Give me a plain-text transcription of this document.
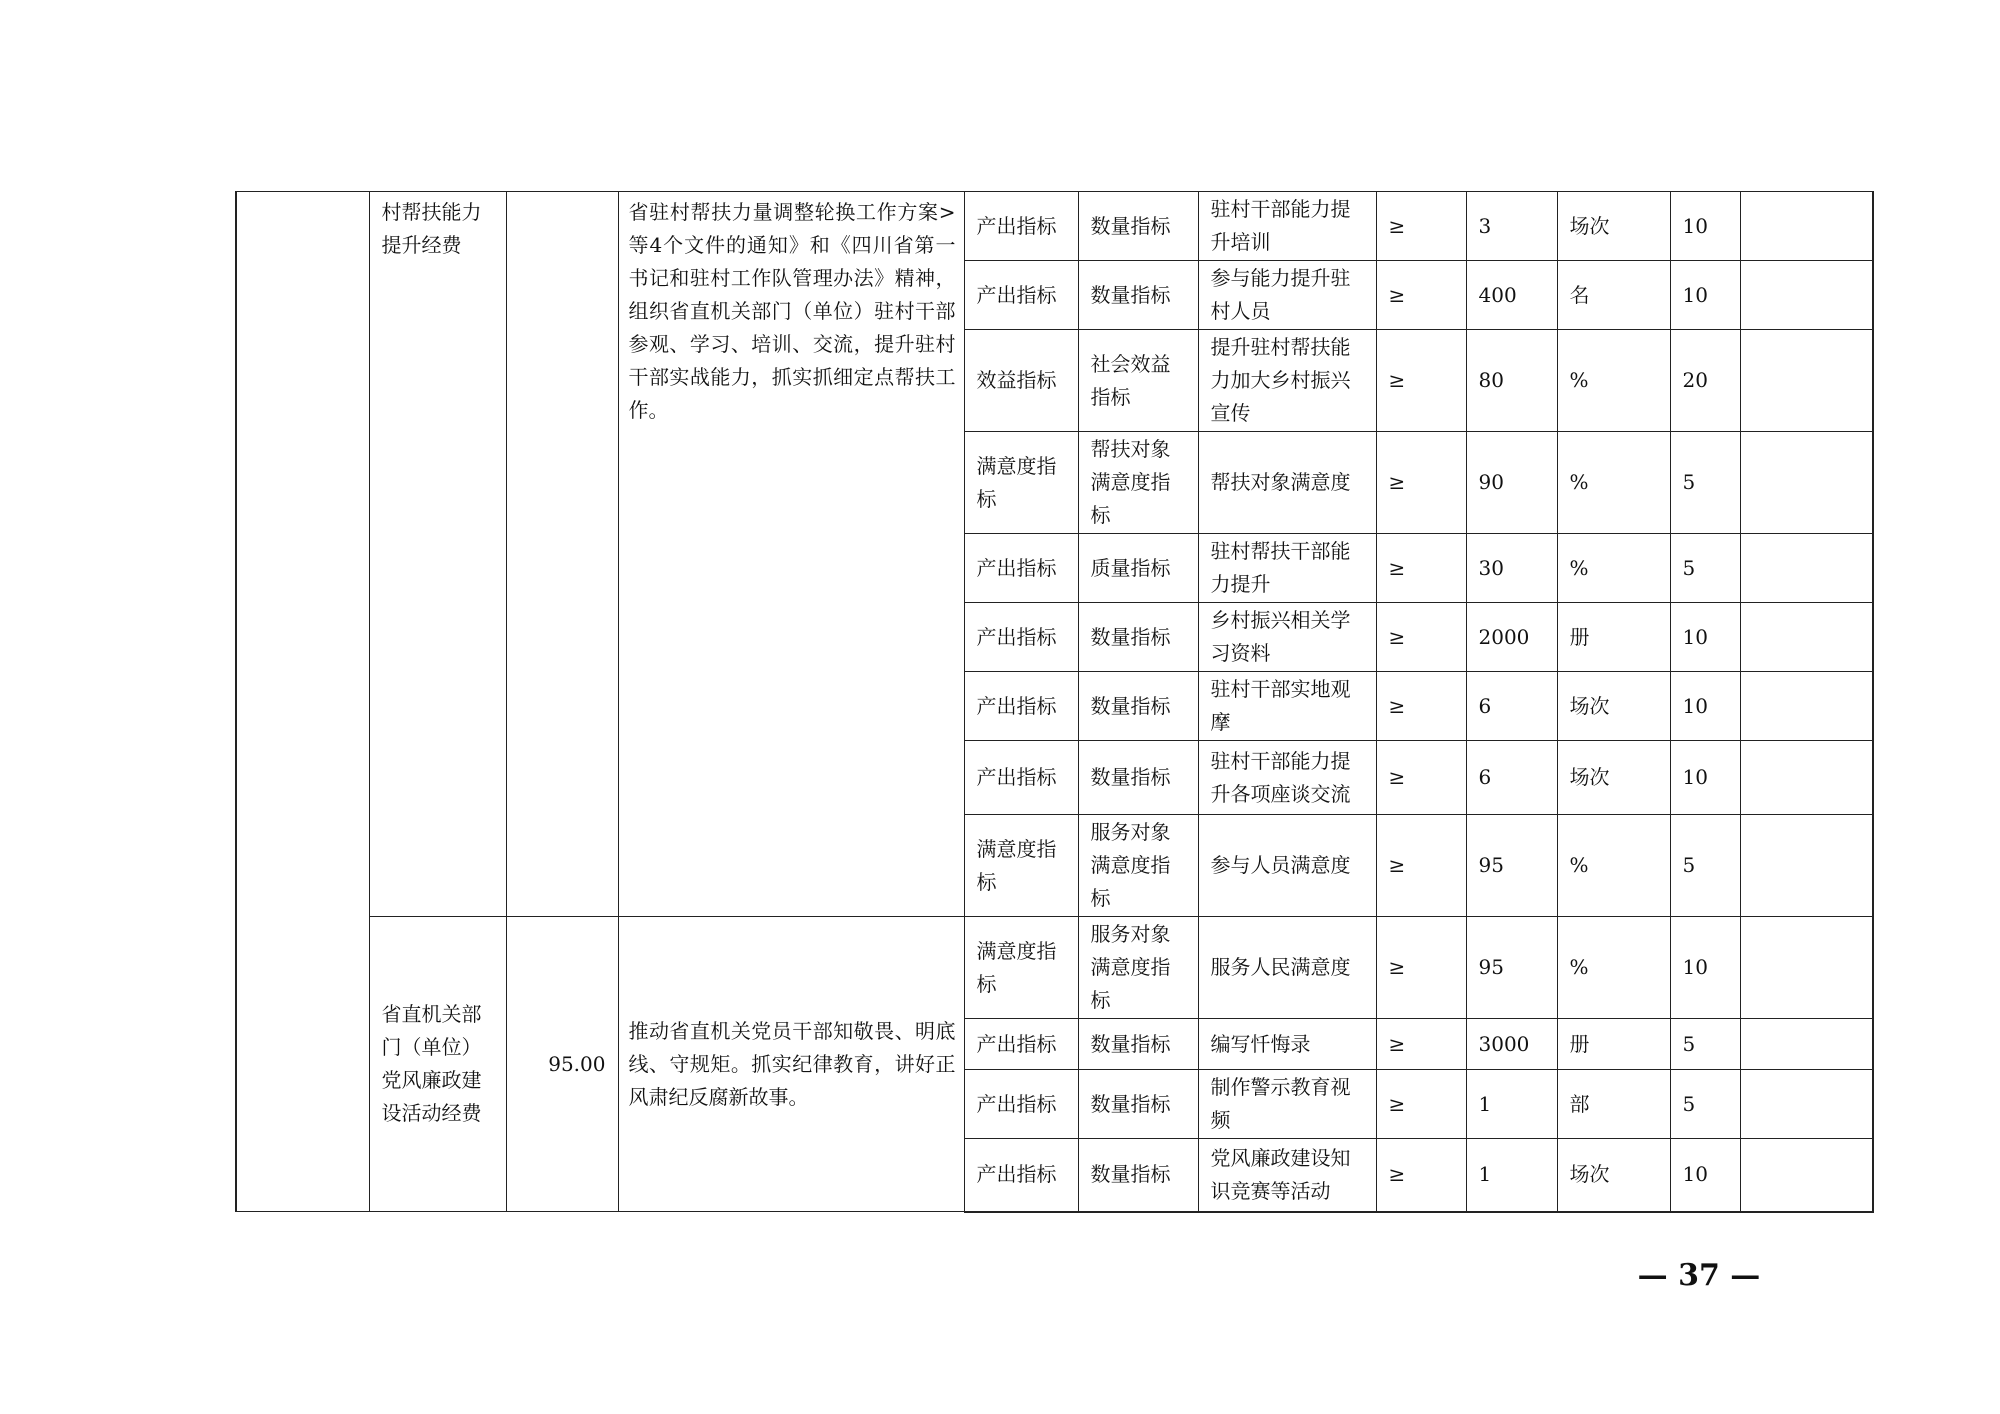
	村帮扶能力提升经费		省驻村帮扶力量调整轮换工作方案>等4个文件的通知》和《四川省第一书记和驻村工作队管理办法》精神，组织省直机关部门（单位）驻村干部参观、学习、培训、交流，提升驻村干部实战能力，抓实抓细定点帮扶工作。	产出指标	数量指标	驻村干部能力提升培训	≥	3	场次	10	
				产出指标	数量指标	参与能力提升驻村人员	≥	400	名	10	
				效益指标	社会效益指标	提升驻村帮扶能力加大乡村振兴宣传	≥	80	%	20	
				满意度指标	帮扶对象满意度指标	帮扶对象满意度	≥	90	%	5	
				产出指标	质量指标	驻村帮扶干部能力提升	≥	30	%	5	
				产出指标	数量指标	乡村振兴相关学习资料	≥	2000	册	10	
				产出指标	数量指标	驻村干部实地观摩	≥	6	场次	10	
				产出指标	数量指标	驻村干部能力提升各项座谈交流	≥	6	场次	10	
				满意度指标	服务对象满意度指标	参与人员满意度	≥	95	%	5	
	省直机关部门（单位）党风廉政建设活动经费	95.00	推动省直机关党员干部知敬畏、明底线、守规矩。抓实纪律教育，讲好正风肃纪反腐新故事。	满意度指标	服务对象满意度指标	服务人民满意度	≥	95	%	10	
				产出指标	数量指标	编写忏悔录	≥	3000	册	5	
				产出指标	数量指标	制作警示教育视频	≥	1	部	5	
				产出指标	数量指标	党风廉政建设知识竞赛等活动	≥	1	场次	10	
— 37 —
